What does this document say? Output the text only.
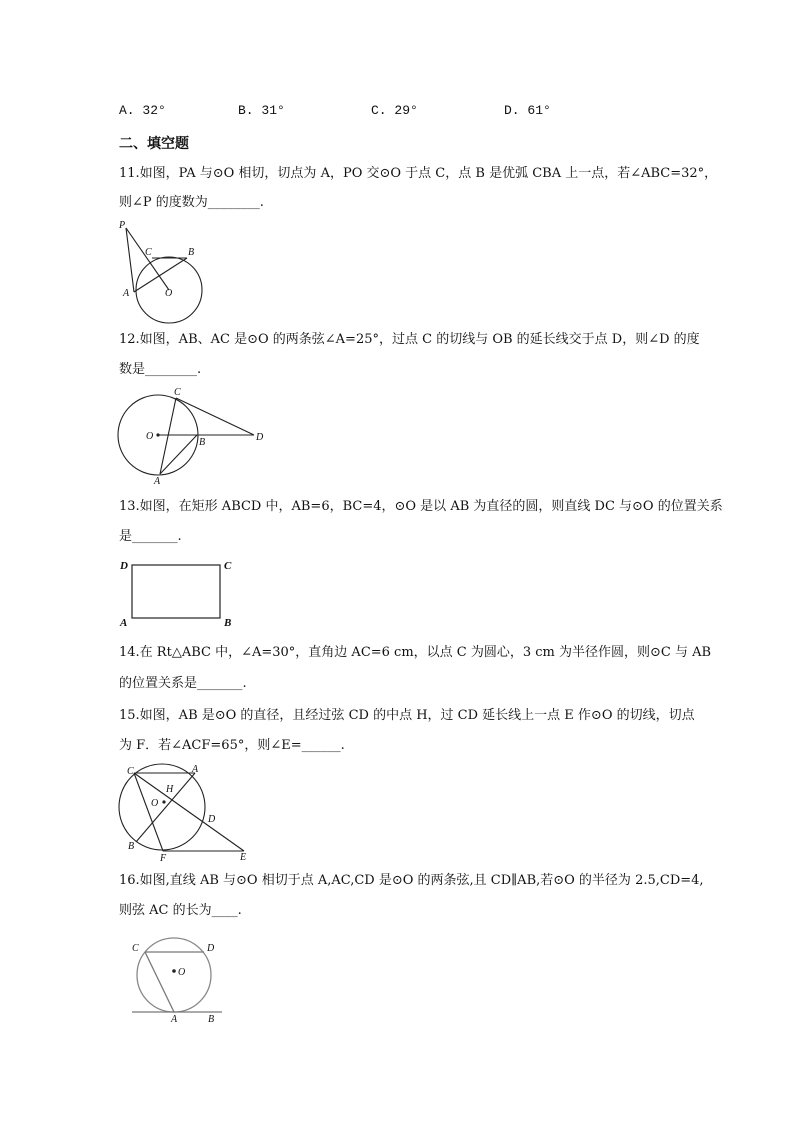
A. 32°	B. 31°	C. 29°	D. 61°
二、填空题
11.如图，PA 与⊙O 相切，切点为 A，PO 交⊙O 于点 C，点 B 是优弧 CBA 上一点，若∠ABC=32°，
则∠P 的度数为________.
P
C	B
A	O
12.如图，AB、AC 是⊙O 的两条弦∠A=25°，过点 C 的切线与 OB 的延长线交于点 D，则∠D 的度
数是________.
C
O
B	D
A
13.如图，在矩形 ABCD 中，AB=6，BC=4，⊙O 是以 AB 为直径的圆，则直线 DC 与⊙O 的位置关系
是_______.
D	C
A	B
14.在 Rt△ABC 中，∠A=30°，直角边 AC=6 cm，以点 C 为圆心，3 cm 为半径作圆，则⊙C 与 AB
的位置关系是_______.
15.如图，AB 是⊙O 的直径，且经过弦 CD 的中点 H，过 CD 延长线上一点 E 作⊙O 的切线，切点
为 F．若∠ACF=65°，则∠E=______.
C	A
H
O
D
B
F	E
16.如图,直线 AB 与⊙O 相切于点 A,AC,CD 是⊙O 的两条弦,且 CD∥AB,若⊙O 的半径为 2.5,CD=4,
则弦 AC 的长为____.
C	D
O
A	B
